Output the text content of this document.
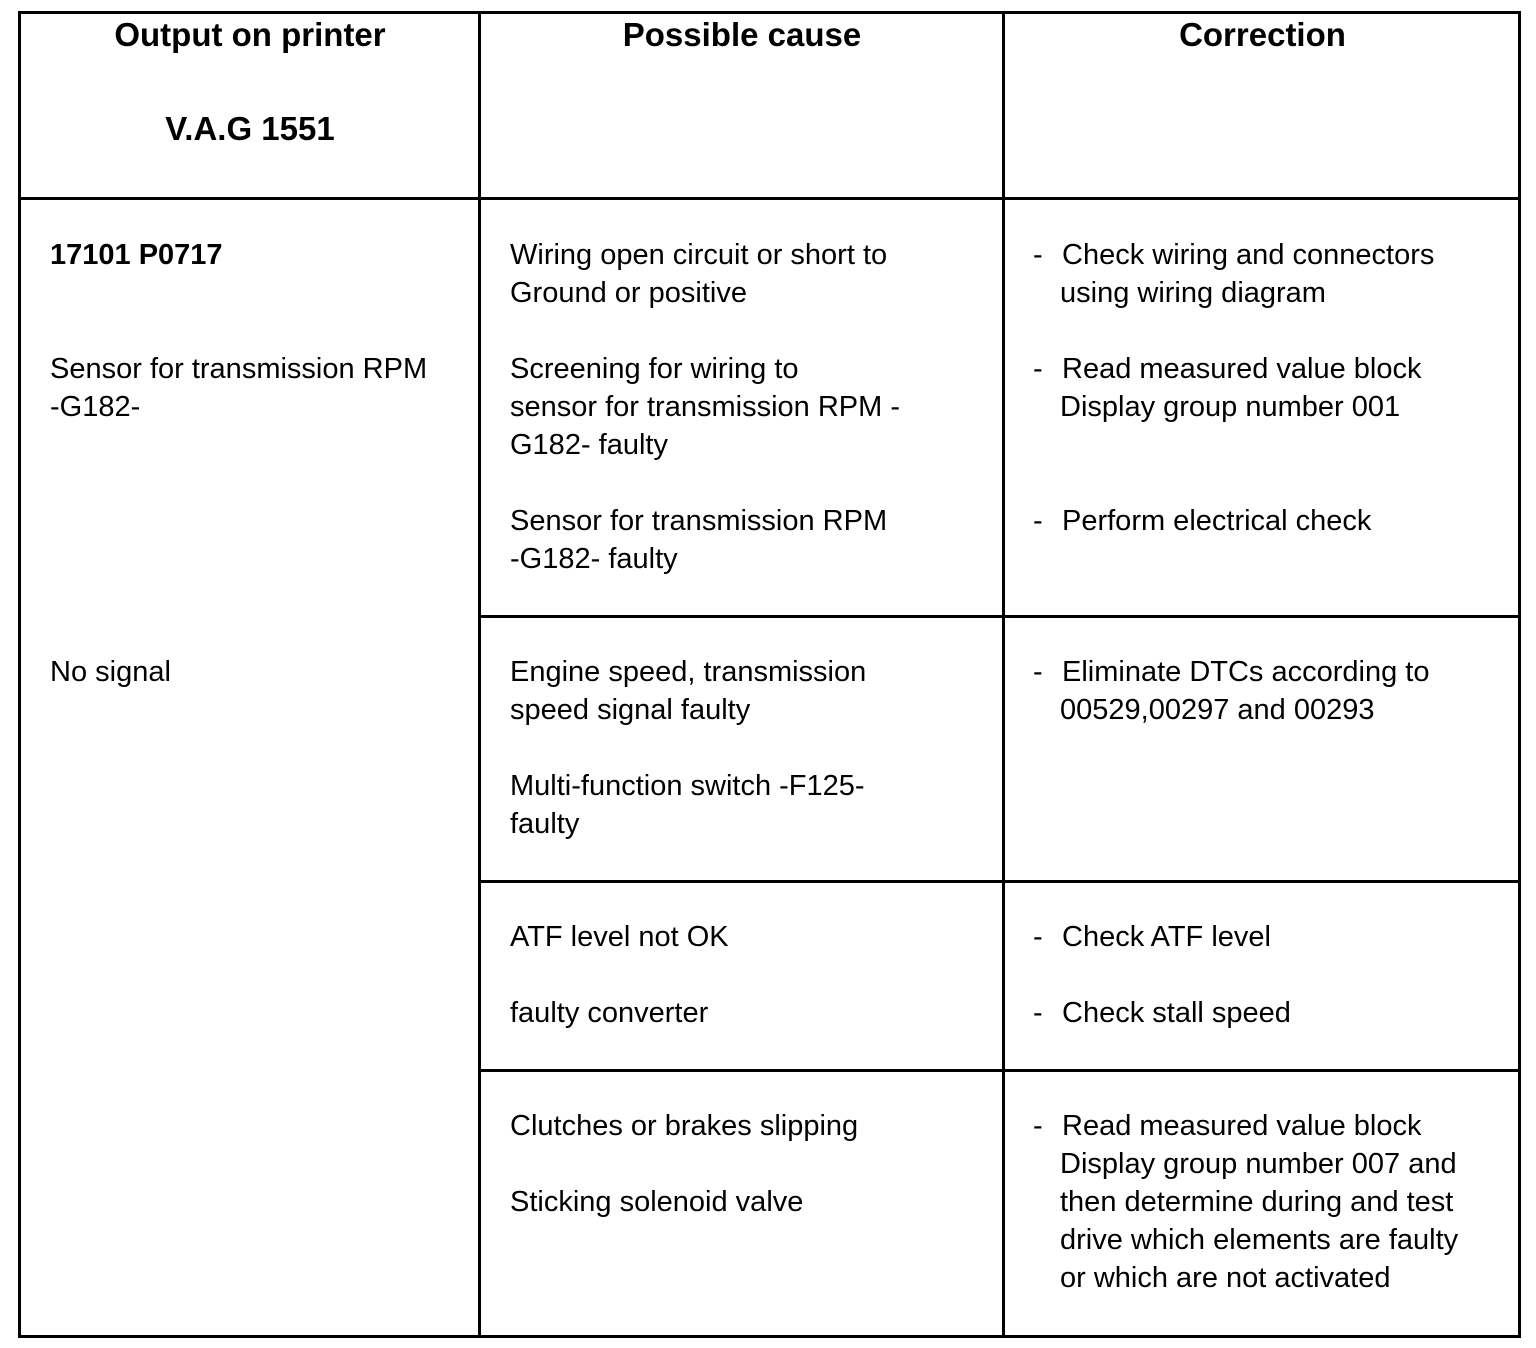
Output on printer
V.A.G 1551
Possible cause	Correction
17101 P0717
Sensor for transmission RPM
-G182-
No signal
Wiring open circuit or short to
Ground or positive
Screening for wiring to
sensor for transmission RPM -
G182- faulty
Sensor for transmission RPM
-G182- faulty
- Check wiring and connectors
using wiring diagram
- Read measured value block
Display group number 001
- Perform electrical check
Engine speed, transmission
speed signal faulty
Multi-function switch -F125-
faulty
- Eliminate DTCs according to
00529,00297 and 00293
ATF level not OK
faulty converter
- Check ATF level
- Check stall speed
Clutches or brakes slipping
Sticking solenoid valve
- Read measured value block
Display group number 007 and
then determine during and test
drive which elements are faulty
or which are not activated
